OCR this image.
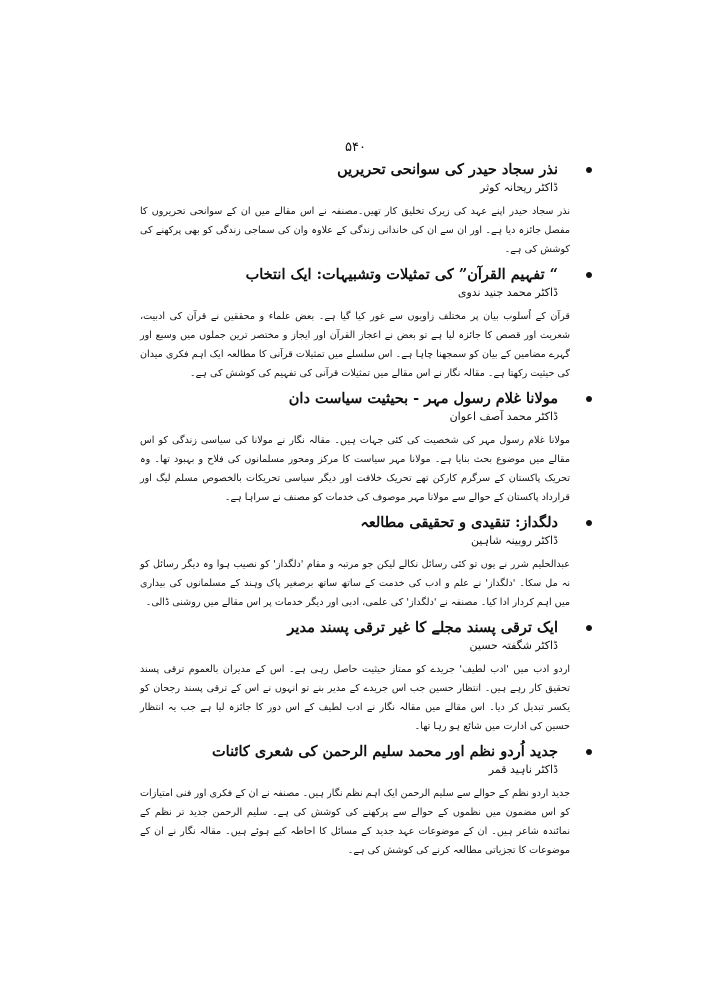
۵۴۰
نذر سجاد حیدر کی سوانحی تحریریں
ڈاکٹر ریحانہ کوثر
نذر سجاد حیدر اپنے عہد کی زیرک تخلیق کار تھیں۔مصنفہ نے اس مقالے میں ان کے سوانحی تحریروں کا مفصل جائزہ دیا ہے۔ اور ان سے ان کی خاندانی زندگی کے علاوہ وان کی سماجی زندگی کو بھی پرکھنے کی کوشش کی ہے۔
“ تفہیم القرآن” کی تمثیلات وتشبیہات: ایک انتخاب
ڈاکٹر محمد جنید ندوی
قرآن کے اُسلوب بیان پر مختلف زاویوں سے غور کیا گیا ہے۔ بعض علماء و محققین نے قرآن کی ادبیت، شعریت اور قصص کا جائزہ لیا ہے تو بعض نے اعجاز القرآن اور ایجاز و مختصر ترین جملوں میں وسیع اور گہرے مضامین کے بیان کو سمجھنا چاہا ہے۔ اس سلسلے میں تمثیلات قرآنی کا مطالعہ ایک اہم فکری میدان کی حیثیت رکھتا ہے۔ مقالہ نگار نے اس مقالے میں تمثیلات قرآنی کی تفہیم کی کوشش کی ہے۔
مولانا غلام رسول مہر - بحیثیت سیاست دان
ڈاکٹر محمد آصف اعوان
مولانا غلام رسول مہر کی شخصیت کی کئی جہات ہیں۔ مقالہ نگار نے مولانا کی سیاسی زندگی کو اس مقالے میں موضوع بحث بنایا ہے۔ مولانا مہر سیاست کا مرکز ومحور مسلمانوں کی فلاح و بہبود تھا۔ وہ تحریک پاکستان کے سرگرم کارکن تھے تحریک خلافت اور دیگر سیاسی تحریکات بالخصوص مسلم لیگ اور قرارداد پاکستان کے حوالے سے مولانا مہر موصوف کی خدمات کو مصنف نے سراہا ہے۔
دلگداز: تنقیدی و تحقیقی مطالعہ
ڈاکٹر روبینہ شاہین
عبدالحلیم شرر نے یوں تو کئی رسائل نکالے لیکن جو مرتبہ و مقام 'دلگداز' کو نصیب ہوا وہ دیگر رسائل کو نہ مل سکا۔ 'دلگداز' نے علم و ادب کی خدمت کے ساتھ ساتھ برصغیر پاک وہند کے مسلمانوں کی بیداری میں اہم کردار ادا کیا۔ مصنفہ نے 'دلگداز' کی علمی، ادبی اور دیگر خدمات پر اس مقالے میں روشنی ڈالی۔
ایک ترقی پسند مجلے کا غیر ترقی پسند مدیر
ڈاکٹر شگفتہ حسین
اردو ادب میں 'ادب لطیف' جریدے کو ممتاز حیثیت حاصل رہی ہے۔ اس کے مدیران بالعموم ترقی پسند تحقیق کار رہے ہیں۔ انتظار حسین جب اس جریدے کے مدیر بنے تو انہوں نے اس کے ترقی پسند رجحان کو یکسر تبدیل کر دیا۔ اس مقالے میں مقالہ نگار نے ادب لطیف کے اس دور کا جائزہ لیا ہے جب یہ انتظار حسین کی ادارت میں شائع ہو رہا تھا۔
جدید اُردو نظم اور محمد سلیم الرحمن کی شعری کائنات
ڈاکٹر ناہید قمر
جدید اردو نظم کے حوالے سے سلیم الرحمن ایک اہم نظم نگار ہیں۔ مصنفہ نے ان کے فکری اور فنی امتیازات کو اس مضمون میں نظموں کے حوالے سے پرکھنے کی کوشش کی ہے۔ سلیم الرحمن جدید تر نظم کے نمائندہ شاعر ہیں۔ ان کے موضوعات عہد جدید کے مسائل کا احاطہ کیے ہوئے ہیں۔ مقالہ نگار نے ان کے موضوعات کا تجزیاتی مطالعہ کرنے کی کوشش کی ہے۔
